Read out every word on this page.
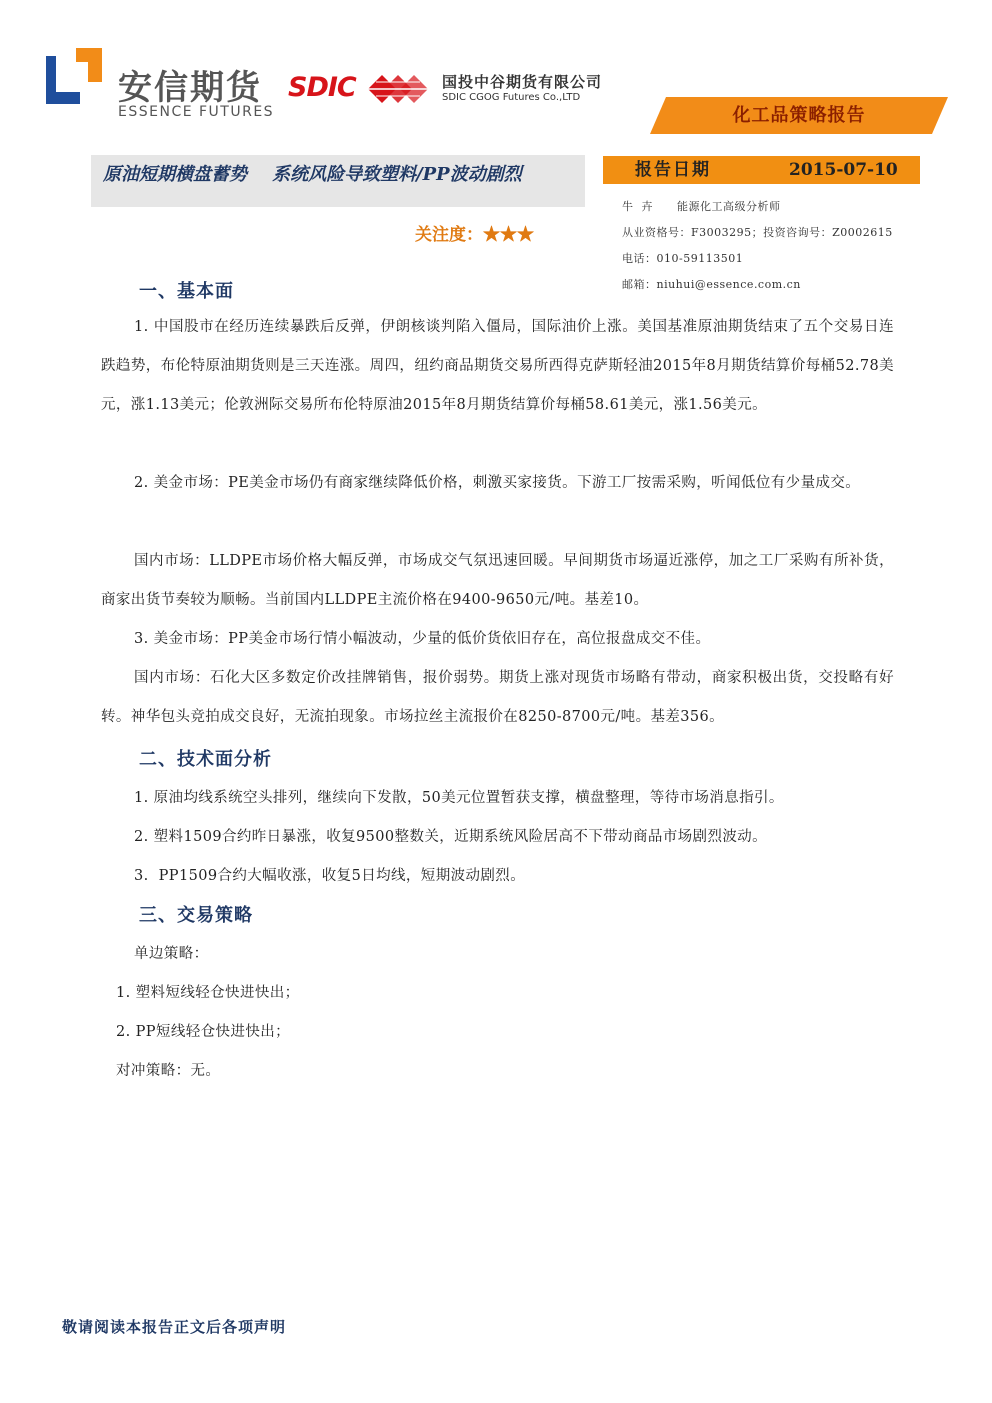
安信期货
ESSENCE FUTURES
SDIC	国投中谷期货有限公司
SDIC CGOG Futures Co.,LTD
化工品策略报告
原油短期横盘蓄势    系统风险导致塑料/PP波动剧烈	报告日期	2015-07-10
关注度：★★★
牛  卉      能源化工高级分析师
从业资格号：F3003295；投资咨询号：Z0002615
电话：010-59113501
邮箱：niuhui@essence.com.cn
一、基本面
1. 中国股市在经历连续暴跌后反弹，伊朗核谈判陷入僵局，国际油价上涨。美国基准原油期货结束了五个交易日连跌趋势，布伦特原油期货则是三天连涨。周四，纽约商品期货交易所西得克萨斯轻油2015年8月期货结算价每桶52.78美元，涨1.13美元；伦敦洲际交易所布伦特原油2015年8月期货结算价每桶58.61美元，涨1.56美元。
2. 美金市场：PE美金市场仍有商家继续降低价格，刺激买家接货。下游工厂按需采购，听闻低位有少量成交。
国内市场：LLDPE市场价格大幅反弹，市场成交气氛迅速回暖。早间期货市场逼近涨停，加之工厂采购有所补货，商家出货节奏较为顺畅。当前国内LLDPE主流价格在9400-9650元/吨。基差10。
3. 美金市场：PP美金市场行情小幅波动，少量的低价货依旧存在，高位报盘成交不佳。
国内市场：石化大区多数定价改挂牌销售，报价弱势。期货上涨对现货市场略有带动，商家积极出货，交投略有好转。神华包头竞拍成交良好，无流拍现象。市场拉丝主流报价在8250-8700元/吨。基差356。
二、技术面分析
1. 原油均线系统空头排列，继续向下发散，50美元位置暂获支撑，横盘整理，等待市场消息指引。
2. 塑料1509合约昨日暴涨，收复9500整数关，近期系统风险居高不下带动商品市场剧烈波动。
3.  PP1509合约大幅收涨，收复5日均线，短期波动剧烈。
三、交易策略
单边策略：
1. 塑料短线轻仓快进快出；
2. PP短线轻仓快进快出；
对冲策略：无。
敬请阅读本报告正文后各项声明
